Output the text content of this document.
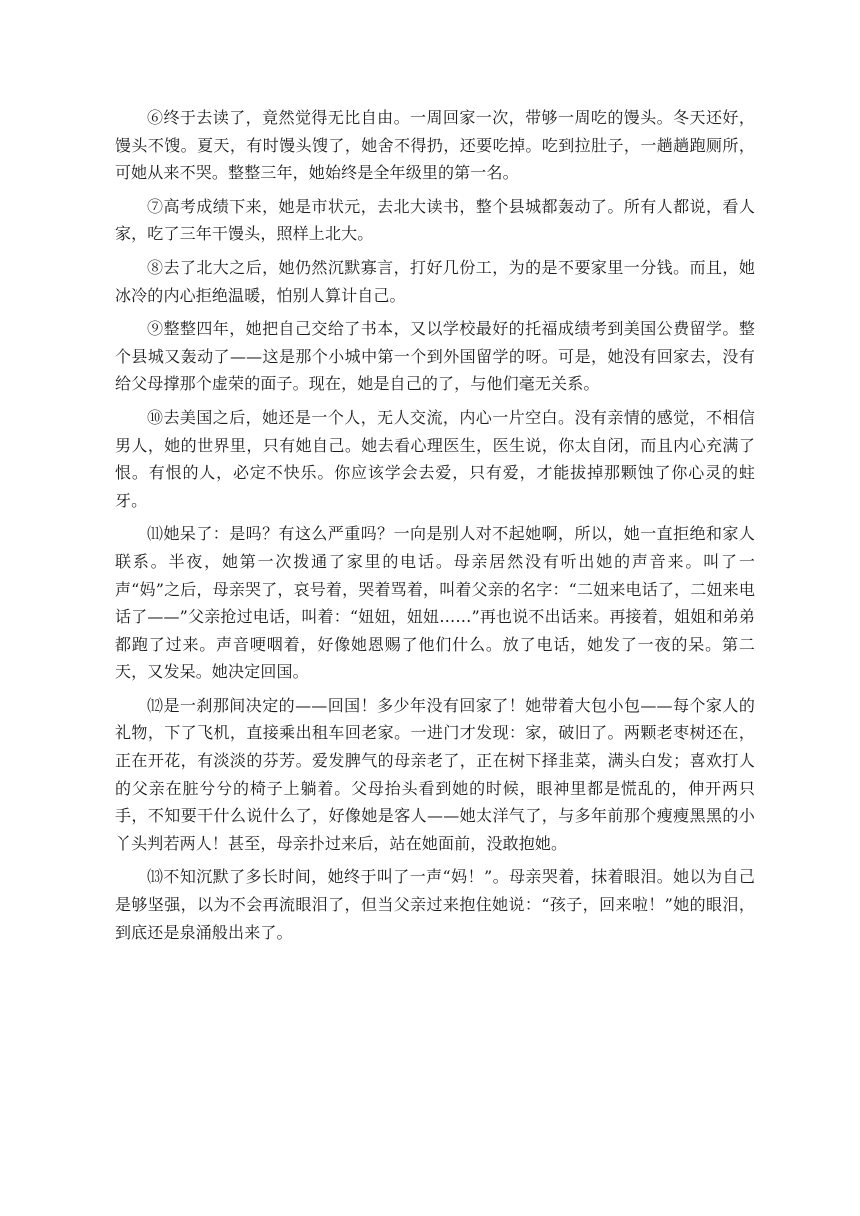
⑥终于去读了，竟然觉得无比自由。一周回家一次，带够一周吃的馒头。冬天还好，馒头不馊。夏天，有时馒头馊了，她舍不得扔，还要吃掉。吃到拉肚子，一趟趟跑厕所，可她从来不哭。整整三年，她始终是全年级里的第一名。

⑦高考成绩下来，她是市状元，去北大读书，整个县城都轰动了。所有人都说，看人家，吃了三年干馒头，照样上北大。

⑧去了北大之后，她仍然沉默寡言，打好几份工，为的是不要家里一分钱。而且，她冰冷的内心拒绝温暖，怕别人算计自己。

⑨整整四年，她把自己交给了书本，又以学校最好的托福成绩考到美国公费留学。整个县城又轰动了——这是那个小城中第一个到外国留学的呀。可是，她没有回家去，没有给父母撑那个虚荣的面子。现在，她是自己的了，与他们毫无关系。

⑩去美国之后，她还是一个人，无人交流，内心一片空白。没有亲情的感觉，不相信男人，她的世界里，只有她自己。她去看心理医生，医生说，你太自闭，而且内心充满了恨。有恨的人，必定不快乐。你应该学会去爱，只有爱，才能拔掉那颗蚀了你心灵的蛀牙。

⑾她呆了：是吗？有这么严重吗？一向是别人对不起她啊，所以，她一直拒绝和家人联系。半夜，她第一次拨通了家里的电话。母亲居然没有听出她的声音来。叫了一声“妈”之后，母亲哭了，哀号着，哭着骂着，叫着父亲的名字：“二妞来电话了，二妞来电话了——”父亲抢过电话，叫着：“妞妞，妞妞……”再也说不出话来。再接着，姐姐和弟弟都跑了过来。声音哽咽着，好像她恩赐了他们什么。放了电话，她发了一夜的呆。第二天，又发呆。她决定回国。

⑿是一刹那间决定的——回国！多少年没有回家了！她带着大包小包——每个家人的礼物，下了飞机，直接乘出租车回老家。一进门才发现：家，破旧了。两颗老枣树还在，正在开花，有淡淡的芬芳。爱发脾气的母亲老了，正在树下择韭菜，满头白发；喜欢打人的父亲在脏兮兮的椅子上躺着。父母抬头看到她的时候，眼神里都是慌乱的，伸开两只手，不知要干什么说什么了，好像她是客人——她太洋气了，与多年前那个瘦瘦黑黑的小丫头判若两人！甚至，母亲扑过来后，站在她面前，没敢抱她。

⒀不知沉默了多长时间，她终于叫了一声“妈！”。母亲哭着，抹着眼泪。她以为自己是够坚强，以为不会再流眼泪了，但当父亲过来抱住她说：“孩子，回来啦！”她的眼泪，到底还是泉涌般出来了。
